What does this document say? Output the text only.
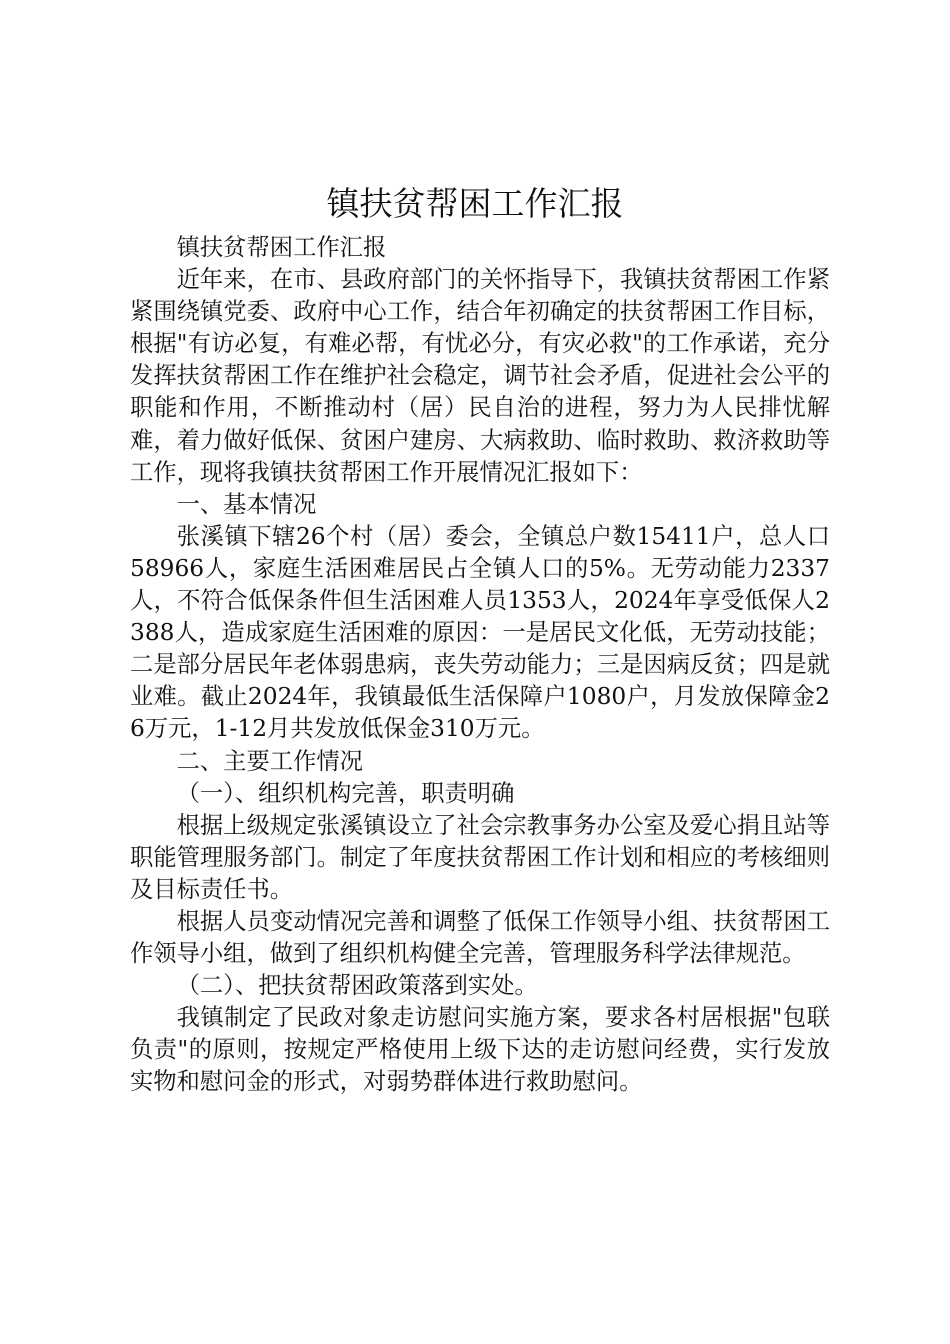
镇扶贫帮困工作汇报

镇扶贫帮困工作汇报

近年来，在市、县政府部门的关怀指导下，我镇扶贫帮困工作紧紧围绕镇党委、政府中心工作，结合年初确定的扶贫帮困工作目标，根据"有访必复，有难必帮，有忧必分，有灾必救"的工作承诺，充分发挥扶贫帮困工作在维护社会稳定，调节社会矛盾，促进社会公平的职能和作用，不断推动村（居）民自治的进程，努力为人民排忧解难，着力做好低保、贫困户建房、大病救助、临时救助、救济救助等工作，现将我镇扶贫帮困工作开展情况汇报如下：

一、基本情况

张溪镇下辖26个村（居）委会，全镇总户数15411户，总人口58966人，家庭生活困难居民占全镇人口的5%。无劳动能力2337人，不符合低保条件但生活困难人员1353人，2024年享受低保人2388人，造成家庭生活困难的原因：一是居民文化低，无劳动技能；二是部分居民年老体弱患病，丧失劳动能力；三是因病反贫；四是就业难。截止2024年，我镇最低生活保障户1080户，月发放保障金26万元，1-12月共发放低保金310万元。

二、主要工作情况

（一）、组织机构完善，职责明确

根据上级规定张溪镇设立了社会宗教事务办公室及爱心捐且站等职能管理服务部门。制定了年度扶贫帮困工作计划和相应的考核细则及目标责任书。

根据人员变动情况完善和调整了低保工作领导小组、扶贫帮困工作领导小组，做到了组织机构健全完善，管理服务科学法律规范。

（二）、把扶贫帮困政策落到实处。

我镇制定了民政对象走访慰问实施方案，要求各村居根据"包联负责"的原则，按规定严格使用上级下达的走访慰问经费，实行发放实物和慰问金的形式，对弱势群体进行救助慰问。
